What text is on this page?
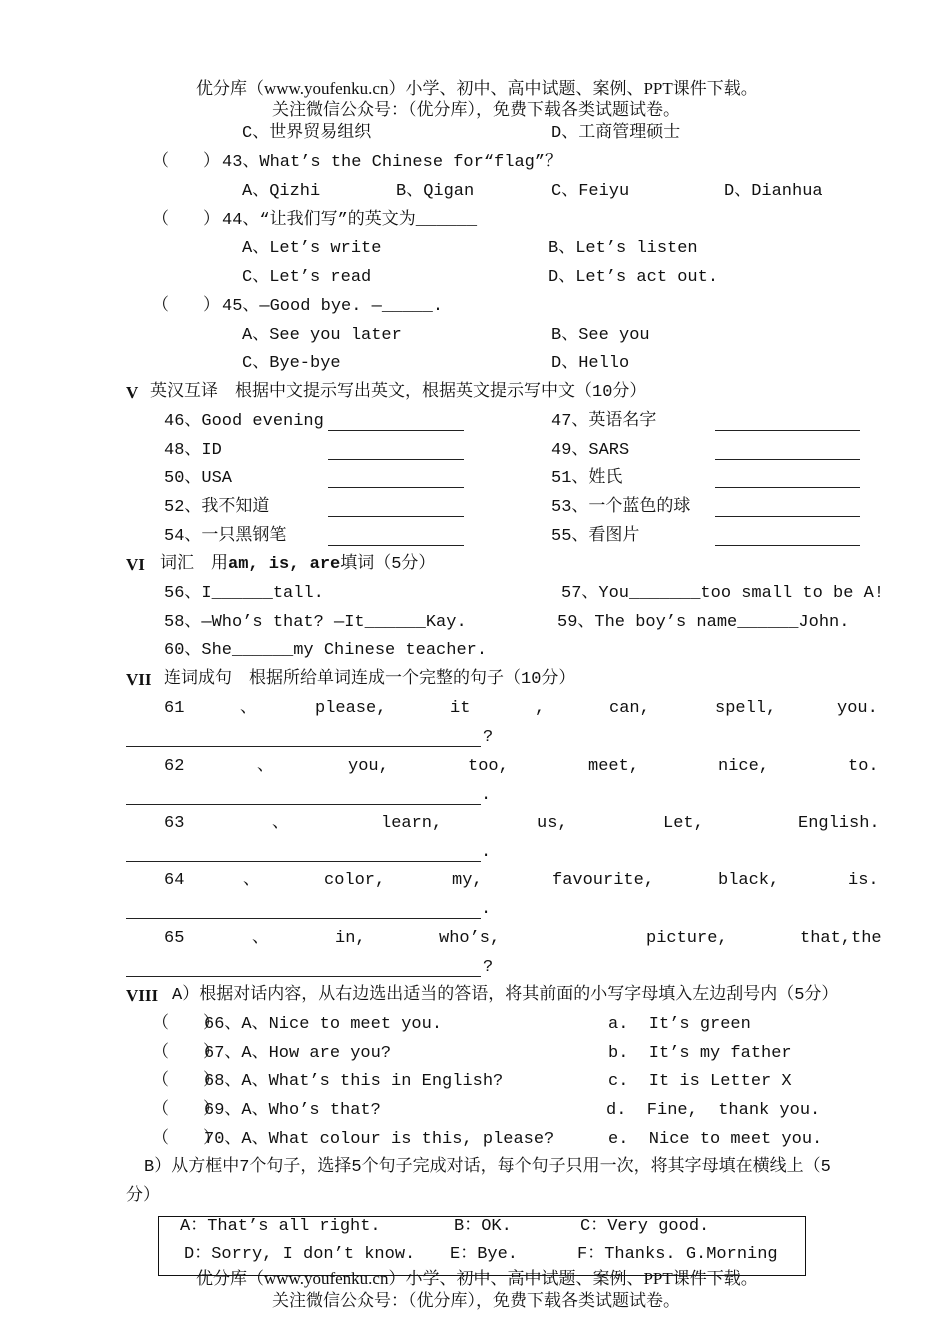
优分库（www.youfenku.cn）小学、初中、高中试题、案例、PPT课件下载。
关注微信公众号：（优分库），免费下载各类试题试卷。
C、世界贸易组织	D、工商管理硕士
（　　） 43、What’s the Chinese for“flag”？
A、Qizhi	B、Qigan	C、Feiyu	D、Dianhua
（　　） 44、“让我们写”的英文为______
A、Let’s write	B、Let’s listen
C、Let’s read	D、Let’s act out.
（　　） 45、—Good bye. —_____.
A、See you later	B、See you
C、Bye-bye	D、Hello
V 英汉互译　根据中文提示写出英文，根据英文提示写中文（10分）
46、Good evening	47、英语名字
48、ID	49、SARS
50、USA	51、姓氏
52、我不知道	53、一个蓝色的球
54、一只黑钢笔	55、看图片
VI 词汇　用am, is, are填词（5分）
56、I______tall.	57、You_______too small to be A!
58、—Who’s that? —It______Kay.	59、The boy’s name______John.
60、She______my Chinese teacher.
VII 连词成句　根据所给单词连成一个完整的句子（10分）
61	、	please,	it	,	can,	spell,	you.
?
62	、	you,	too,	meet,	nice,	to.
.
63	、	learn,	us,	Let,	English.
.
64	、	color,	my,	favourite,	black,	is.
.
65	、	in,	who’s,	picture,	that,the
?
VIII A）根据对话内容，从右边选出适当的答语，将其前面的小写字母填入左边刮号内（5分）
（　　）
66、A、Nice to meet you.	a.  It’s green
（　　）
67、A、How are you?	b.  It’s my father
（　　）
68、A、What’s this in English?	c.  It is Letter X
（　　）
69、A、Who’s that?	d.  Fine,  thank you.
（　　）
70、A、What colour is this, please?	e.  Nice to meet you.
B）从方框中7个句子，选择5个句子完成对话，每个句子只用一次，将其字母填在横线上（5
分）
A：That’s all right.	B：OK.	C：Very good.
D：Sorry, I don’t know. E：Bye.	F：Thanks. G.Morning
优分库（www.youfenku.cn）小学、初中、高中试题、案例、PPT课件下载。
关注微信公众号：（优分库），免费下载各类试题试卷。
